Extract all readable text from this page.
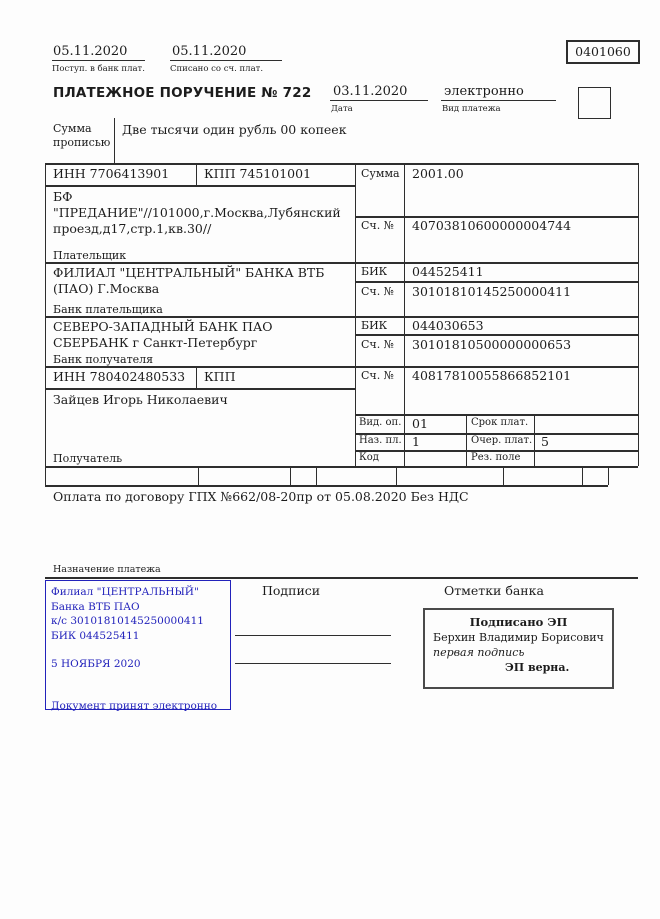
05.11.2020
Поступ. в банк плат.
05.11.2020
Списано со сч. плат.
0401060
ПЛАТЕЖНОЕ ПОРУЧЕНИЕ № 722 03.11.2020
Дата
электронно
Вид платежа
Сумма прописью
Две тысячи один рубль 00 копеек
ИНН 7706413901	КПП 745101001
БФ "ПРЕДАНИЕ"//101000,г.Москва,Лубянский проезд,д17,стр.1,кв.30//
Плательщик
Сумма 2001.00
Сч. № 40703810600000004744
ФИЛИАЛ "ЦЕНТРАЛЬНЫЙ" БАНКА ВТБ (ПАО) Г.Москва
Банк плательщика
БИК 044525411
Сч. № 30101810145250000411
СЕВЕРО-ЗАПАДНЫЙ БАНК ПАО СБЕРБАНК г Санкт-Петербург
Банк получателя
БИК 044030653
Сч. № 30101810500000000653
ИНН 780402480533 КПП
Зайцев Игорь Николаевич
Получатель
Сч. № 40817810055866852101
Вид. оп. 01	Срок плат.
Наз. пл. 1	Очер. плат. 5
Код	Рез. поле
Оплата по договору ГПХ №662/08-20пр от 05.08.2020 Без НДС
Назначение платежа
Филиал "ЦЕНТРАЛЬНЫЙ" Банка ВТБ ПАО
к/с 30101810145250000411
БИК 044525411
5 НОЯБРЯ 2020
Документ принят электронно
Подписи	Отметки банка
Подписано ЭП
Берхин Владимир Борисович
первая подпись
ЭП верна.
